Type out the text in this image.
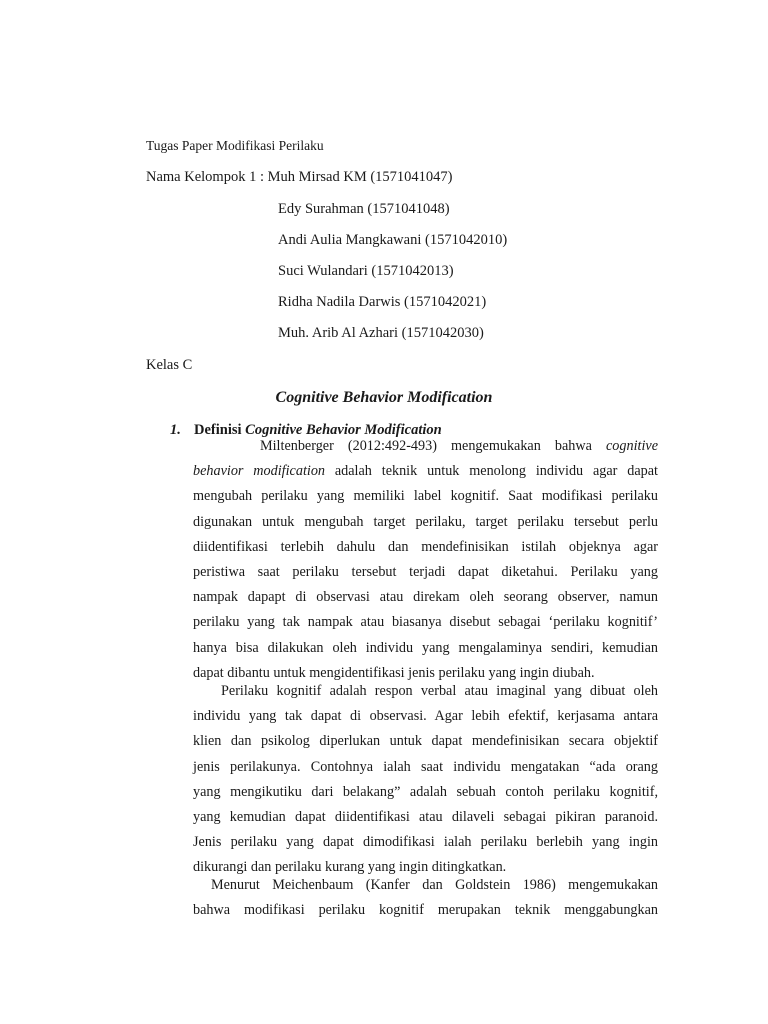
Tugas Paper Modifikasi Perilaku
Nama Kelompok 1 : Muh Mirsad KM (1571041047)
Edy Surahman (1571041048)
Andi Aulia Mangkawani (1571042010)
Suci Wulandari (1571042013)
Ridha Nadila Darwis (1571042021)
Muh. Arib Al Azhari (1571042030)
Kelas C
Cognitive Behavior Modification
1. Definisi Cognitive Behavior Modification
Miltenberger (2012:492-493) mengemukakan bahwa cognitive
behavior modification adalah teknik untuk menolong individu agar dapat
mengubah perilaku yang memiliki label kognitif. Saat modifikasi perilaku
digunakan untuk mengubah target perilaku, target perilaku tersebut perlu
diidentifikasi terlebih dahulu dan mendefinisikan istilah objeknya agar
peristiwa saat perilaku tersebut terjadi dapat diketahui. Perilaku yang
nampak dapapt di observasi atau direkam oleh seorang observer, namun
perilaku yang tak nampak atau biasanya disebut sebagai ‘perilaku kognitif’
hanya bisa dilakukan oleh individu yang mengalaminya sendiri, kemudian
dapat dibantu untuk mengidentifikasi jenis perilaku yang ingin diubah.
Perilaku kognitif adalah respon verbal atau imaginal yang dibuat oleh
individu yang tak dapat di observasi. Agar lebih efektif, kerjasama antara
klien dan psikolog diperlukan untuk dapat mendefinisikan secara objektif
jenis perilakunya. Contohnya ialah saat individu mengatakan “ada orang
yang mengikutiku dari belakang” adalah sebuah contoh perilaku kognitif,
yang kemudian dapat diidentifikasi atau dilaveli sebagai pikiran paranoid.
Jenis perilaku yang dapat dimodifikasi ialah perilaku berlebih yang ingin
dikurangi dan perilaku kurang yang ingin ditingkatkan.
Menurut Meichenbaum (Kanfer dan Goldstein 1986) mengemukakan
bahwa modifikasi perilaku kognitif merupakan teknik menggabungkan
